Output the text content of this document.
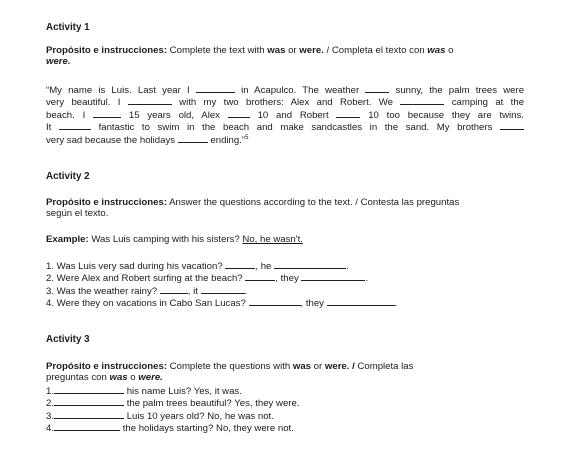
Activity 1
Propósito e instrucciones: Complete the text with was or were. / Completa el texto con was o
were.
“My name is Luis. Last year I	in Acapulco. The weather	sunny, the palm trees were
very beautiful. I	with my two brothers: Alex and Robert. We	camping at the
beach. I	15 years old, Alex	10 and Robert	10 too because they are twins.
It	fantastic to swim in the beach and make sandcastles in the sand. My brothers
very sad because the holidays	ending.”$^5$
Activity 2
Propósito e instrucciones: Answer the questions according to the text. / Contesta las preguntas
según el texto.
Example: Was Luis camping with his sisters? No, he wasn't.
1. Was Luis very sad during his vacation?	, he	.
2. Were Alex and Robert surfing at the beach?	, they	.
3. Was the weather rainy?	, it	.
4. Were they on vacations in Cabo San Lucas?	, they	.
Activity 3
Propósito e instrucciones: Complete the questions with was or were. / Completa las
preguntas con was o were.
1.	his name Luis? Yes, it was.
2.	the palm trees beautiful? Yes, they were.
3.	Luis 10 years old? No, he was not.
4.	the holidays starting? No, they were not.
